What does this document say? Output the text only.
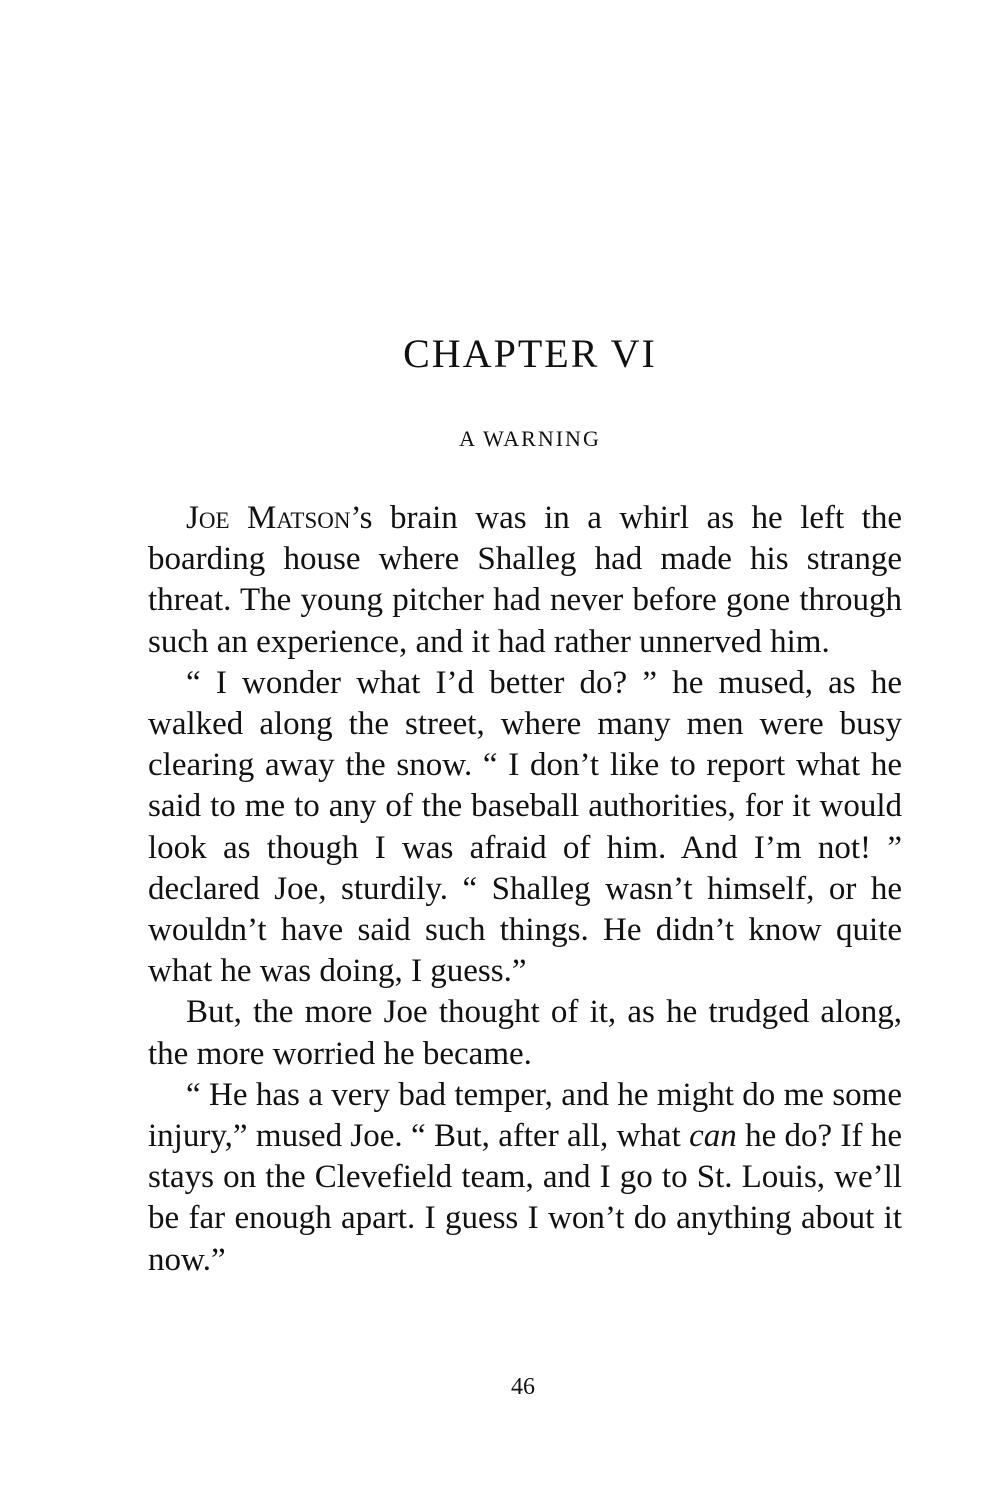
CHAPTER VI
A WARNING

Joe Matson’s brain was in a whirl as he left the boarding house where Shalleg had made his strange threat. The young pitcher had never before gone through such an experience, and it had rather unnerved him.

“ I wonder what I’d better do? ” he mused, as he walked along the street, where many men were busy clearing away the snow. “ I don’t like to report what he said to me to any of the baseball authorities, for it would look as though I was afraid of him. And I’m not! ” declared Joe, sturdily. “ Shalleg wasn’t himself, or he wouldn’t have said such things. He didn’t know quite what he was doing, I guess.”

But, the more Joe thought of it, as he trudged along, the more worried he became.

“ He has a very bad temper, and he might do me some injury,” mused Joe. “ But, after all, what can he do? If he stays on the Clevefield team, and I go to St. Louis, we’ll be far enough apart. I guess I won’t do anything about it now.”

46
